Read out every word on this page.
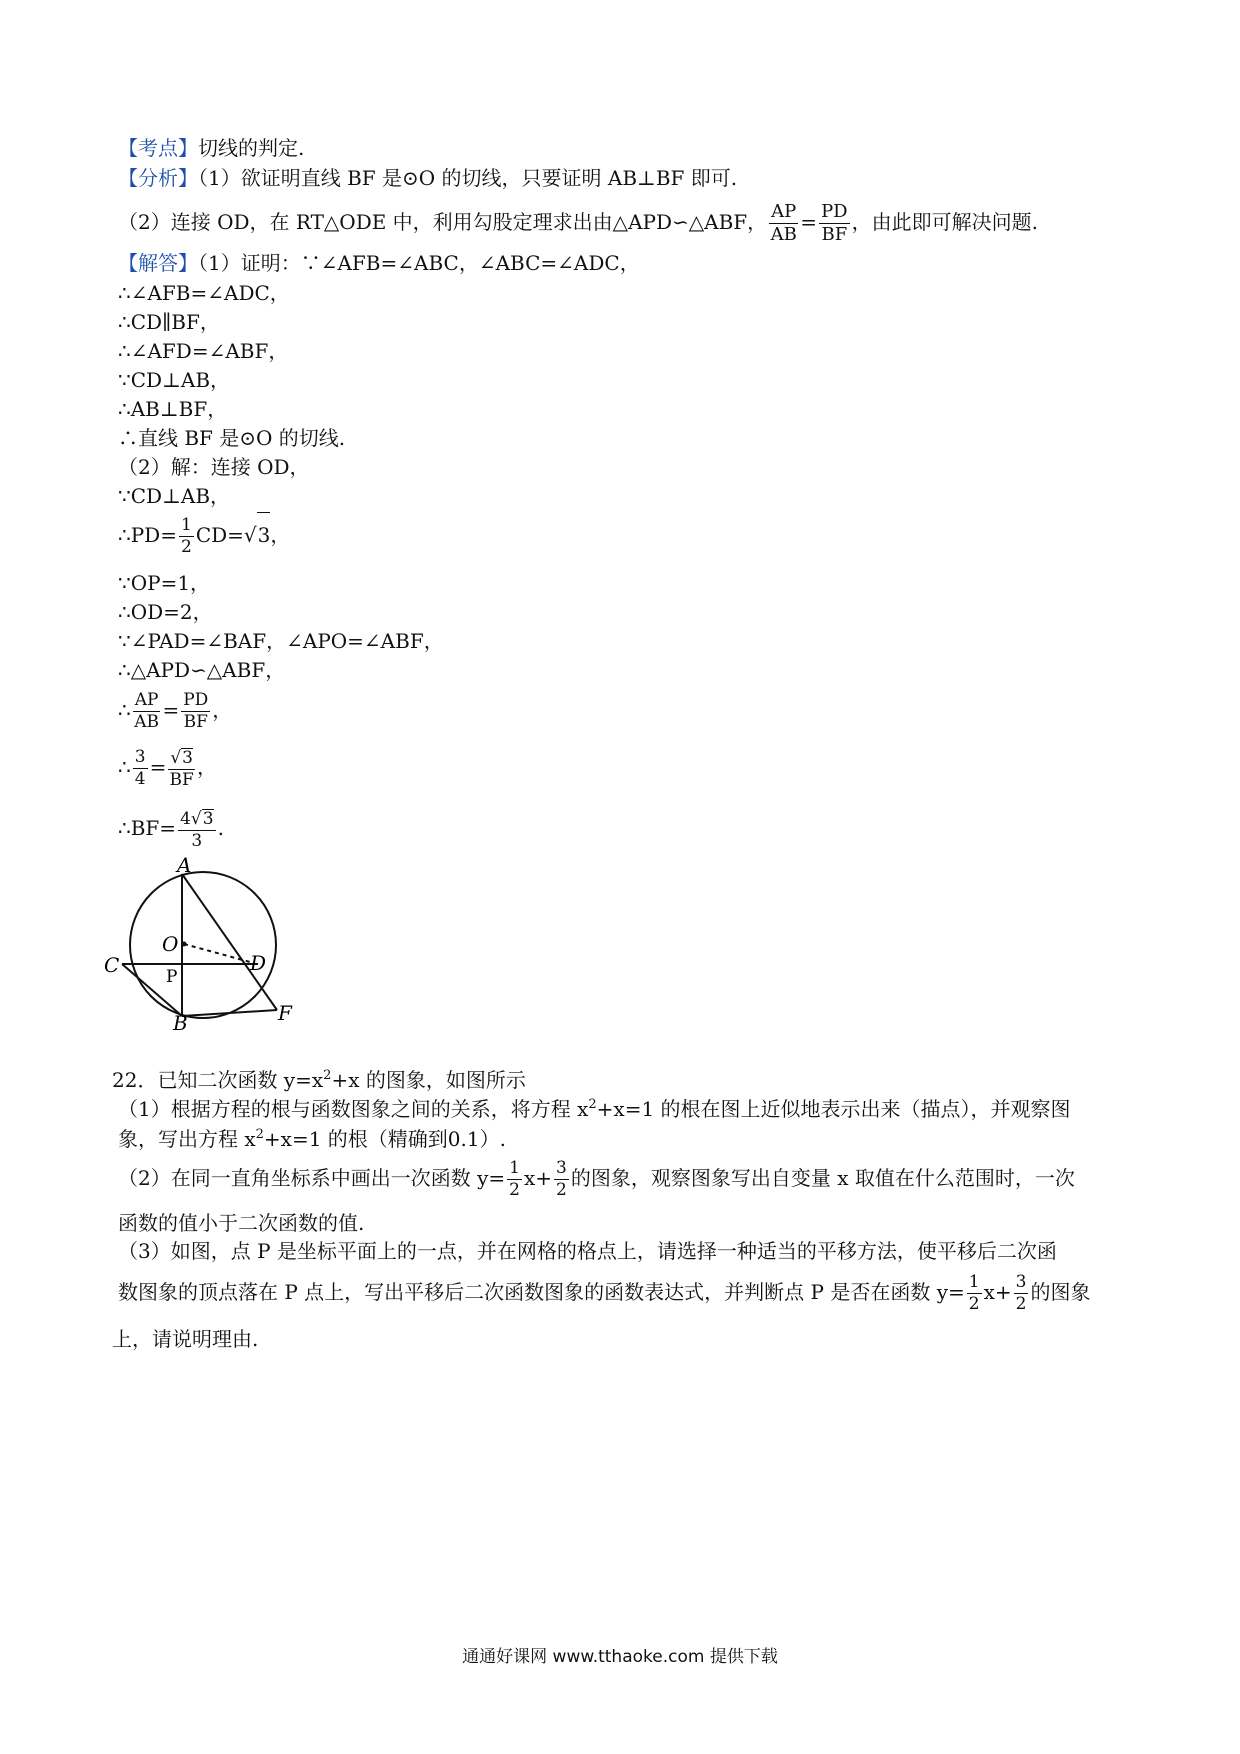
【考点】切线的判定.
【分析】（1）欲证明直线 BF 是⊙O 的切线，只要证明 AB⊥BF 即可.
（2）连接 OD，在 RT△ODE 中，利用勾股定理求出由△APD∽△ABF， $\frac{AP}{AB} = \frac{PD}{BF}$ ，由此即可解决问题.
【解答】（1）证明：∵∠AFB=∠ABC，∠ABC=∠ADC，
∴∠AFB=∠ADC，
∴CD∥BF，
∴∠AFD=∠ABF，
∵CD⊥AB，
∴AB⊥BF，
∴直线 BF 是⊙O 的切线.
（2）解：连接 OD，
∵CD⊥AB，
∴PD= $\frac{1}{2} CD=√3$，
∵OP=1，
∴OD=2，
∵∠PAD=∠BAF，∠APO=∠ABF，
∴△APD∽△ABF，
∴ $\frac{AP}{AB} = \frac{PD}{BF}$ ，
∴ $\frac{3}{4} = \frac{√3}{BF}$ ，
∴BF= $\frac{4√3}{3}$ .
A
O
C	D
P
B	F
22．已知二次函数 $y=x^2+x$ 的图象，如图所示
（1）根据方程的根与函数图象之间的关系，将方程 $x^2+x=1$ 的根在图上近似地表示出来（描点），并观察图
象，写出方程 $x^2+x=1$ 的根（精确到0.1）.
（2）在同一直角坐标系中画出一次函数 $y= \frac{1}{2} x+ \frac{3}{2}$ 的图象，观察图象写出自变量 x 取值在什么范围时，一次
函数的值小于二次函数的值.
（3）如图，点 P 是坐标平面上的一点，并在网格的格点上，请选择一种适当的平移方法，使平移后二次函
数图象的顶点落在 P 点上，写出平移后二次函数图象的函数表达式，并判断点 P 是否在函数 $y= \frac{1}{2} x+ \frac{3}{2}$ 的图象
上，请说明理由.
通通好课网 www.tthaoke.com 提供下载
